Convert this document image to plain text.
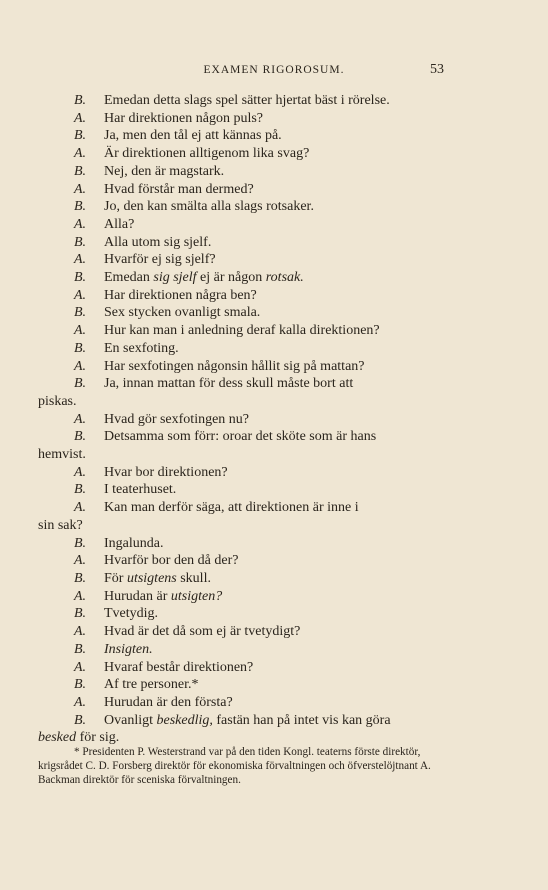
EXAMEN RIGOROSUM.	53
B. Emedan detta slags spel sätter hjertat bäst i rörelse.
A. Har direktionen någon puls?
B. Ja, men den tål ej att kännas på.
A. Är direktionen alltigenom lika svag?
B. Nej, den är magstark.
A. Hvad förstår man dermed?
B. Jo, den kan smälta alla slags rotsaker.
A. Alla?
B. Alla utom sig sjelf.
A. Hvarför ej sig sjelf?
B. Emedan sig sjelf ej är någon rotsak.
A. Har direktionen några ben?
B. Sex stycken ovanligt smala.
A. Hur kan man i anledning deraf kalla direktionen?
B. En sexfoting.
A. Har sexfotingen någonsin hållit sig på mattan?
B. Ja, innan mattan för dess skull måste bort att
piskas.
A. Hvad gör sexfotingen nu?
B. Detsamma som förr: oroar det sköte som är hans
hemvist.
A. Hvar bor direktionen?
B. I teaterhuset.
A. Kan man derför säga, att direktionen är inne i
sin sak?
B. Ingalunda.
A. Hvarför bor den då der?
B. För utsigtens skull.
A. Hurudan är utsigten?
B. Tvetydig.
A. Hvad är det då som ej är tvetydigt?
B. Insigten.
A. Hvaraf består direktionen?
B. Af tre personer.*
A. Hurudan är den första?
B. Ovanligt beskedlig, fastän han på intet vis kan göra
besked för sig.
* Presidenten P. Westerstrand var på den tiden Kongl. teaterns förste direktör, krigsrådet C. D. Forsberg direktör för ekonomiska förvaltningen och öfverstelöjtnant A. Backman direktör för sceniska förvaltningen.
